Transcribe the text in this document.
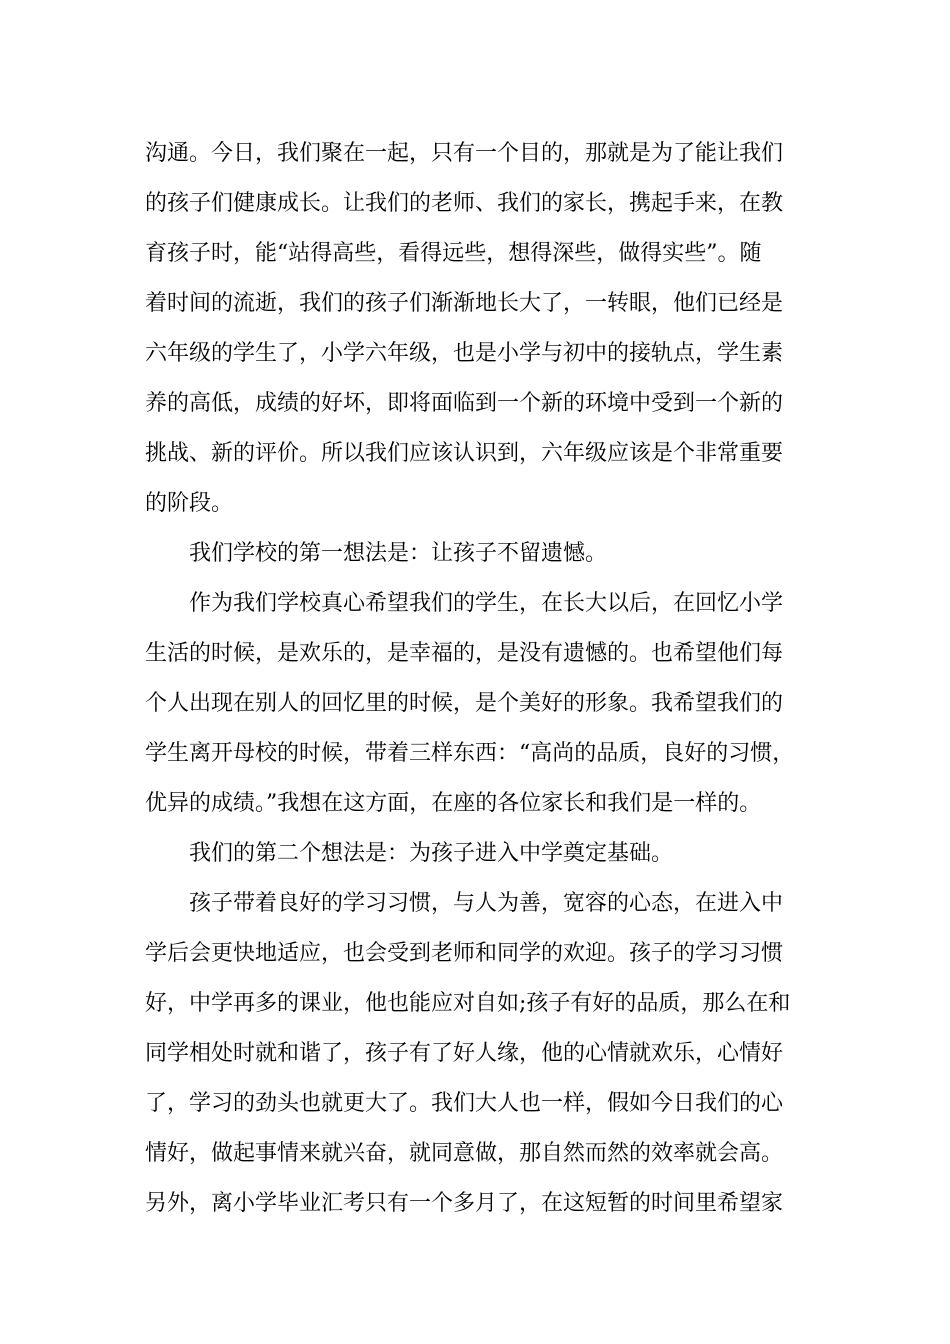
沟通。今日，我们聚在一起，只有一个目的，那就是为了能让我们
的孩子们健康成长。让我们的老师、我们的家长，携起手来，在教
育孩子时，能“站得高些，看得远些，想得深些，做得实些”。随
着时间的流逝，我们的孩子们渐渐地长大了，一转眼，他们已经是
六年级的学生了，小学六年级，也是小学与初中的接轨点，学生素
养的高低，成绩的好坏，即将面临到一个新的环境中受到一个新的
挑战、新的评价。所以我们应该认识到，六年级应该是个非常重要
的阶段。
我们学校的第一想法是：让孩子不留遗憾。
作为我们学校真心希望我们的学生，在长大以后，在回忆小学
生活的时候，是欢乐的，是幸福的，是没有遗憾的。也希望他们每
个人出现在别人的回忆里的时候，是个美好的形象。我希望我们的
学生离开母校的时候，带着三样东西：“高尚的品质，良好的习惯，
优异的成绩。”我想在这方面，在座的各位家长和我们是一样的。
我们的第二个想法是：为孩子进入中学奠定基础。
孩子带着良好的学习习惯，与人为善，宽容的心态，在进入中
学后会更快地适应，也会受到老师和同学的欢迎。孩子的学习习惯
好，中学再多的课业，他也能应对自如;孩子有好的品质，那么在和
同学相处时就和谐了，孩子有了好人缘，他的心情就欢乐，心情好
了，学习的劲头也就更大了。我们大人也一样，假如今日我们的心
情好，做起事情来就兴奋，就同意做，那自然而然的效率就会高。
另外，离小学毕业汇考只有一个多月了，在这短暂的时间里希望家
